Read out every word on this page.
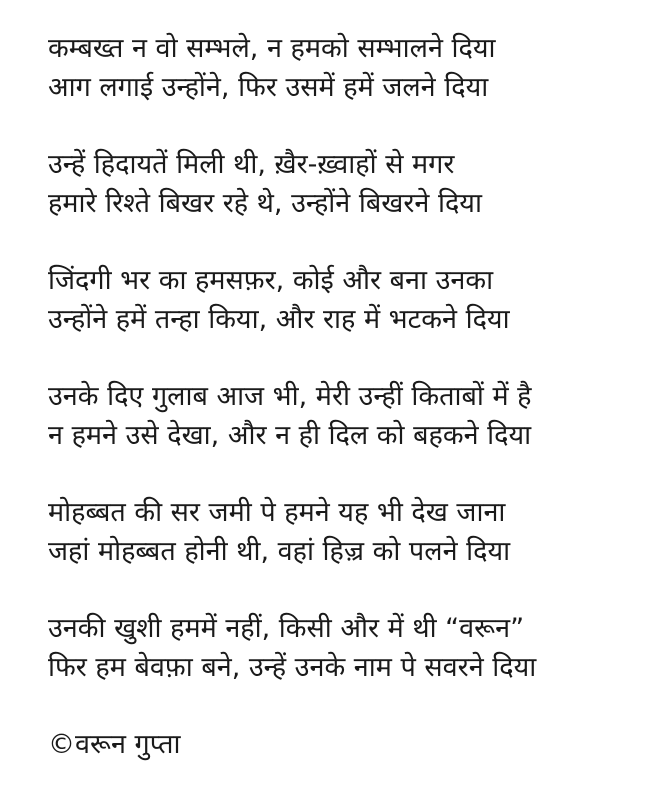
कम्बख्त न वो सम्भले, न हमको सम्भालने दिया
आग लगाई उन्होंने, फिर उसमें हमें जलने दिया
उन्हें हिदायतें मिली थी, ख़ैर-ख़्वाहों से मगर
हमारे रिश्ते बिखर रहे थे, उन्होंने बिखरने दिया
जिंदगी भर का हमसफ़र, कोई और बना उनका
उन्होंने हमें तन्हा किया, और राह में भटकने दिया
उनके दिए गुलाब आज भी, मेरी उन्हीं किताबों में है
न हमने उसे देखा, और न ही दिल को बहकने दिया
मोहब्बत की सर जमी पे हमने यह भी देख जाना
जहां मोहब्बत होनी थी, वहां हिज़्र को पलने दिया
उनकी खुशी हममें नहीं, किसी और में थी “वरून”
फिर हम बेवफ़ा बने, उन्हें उनके नाम पे सवरने दिया
©वरून गुप्ता
